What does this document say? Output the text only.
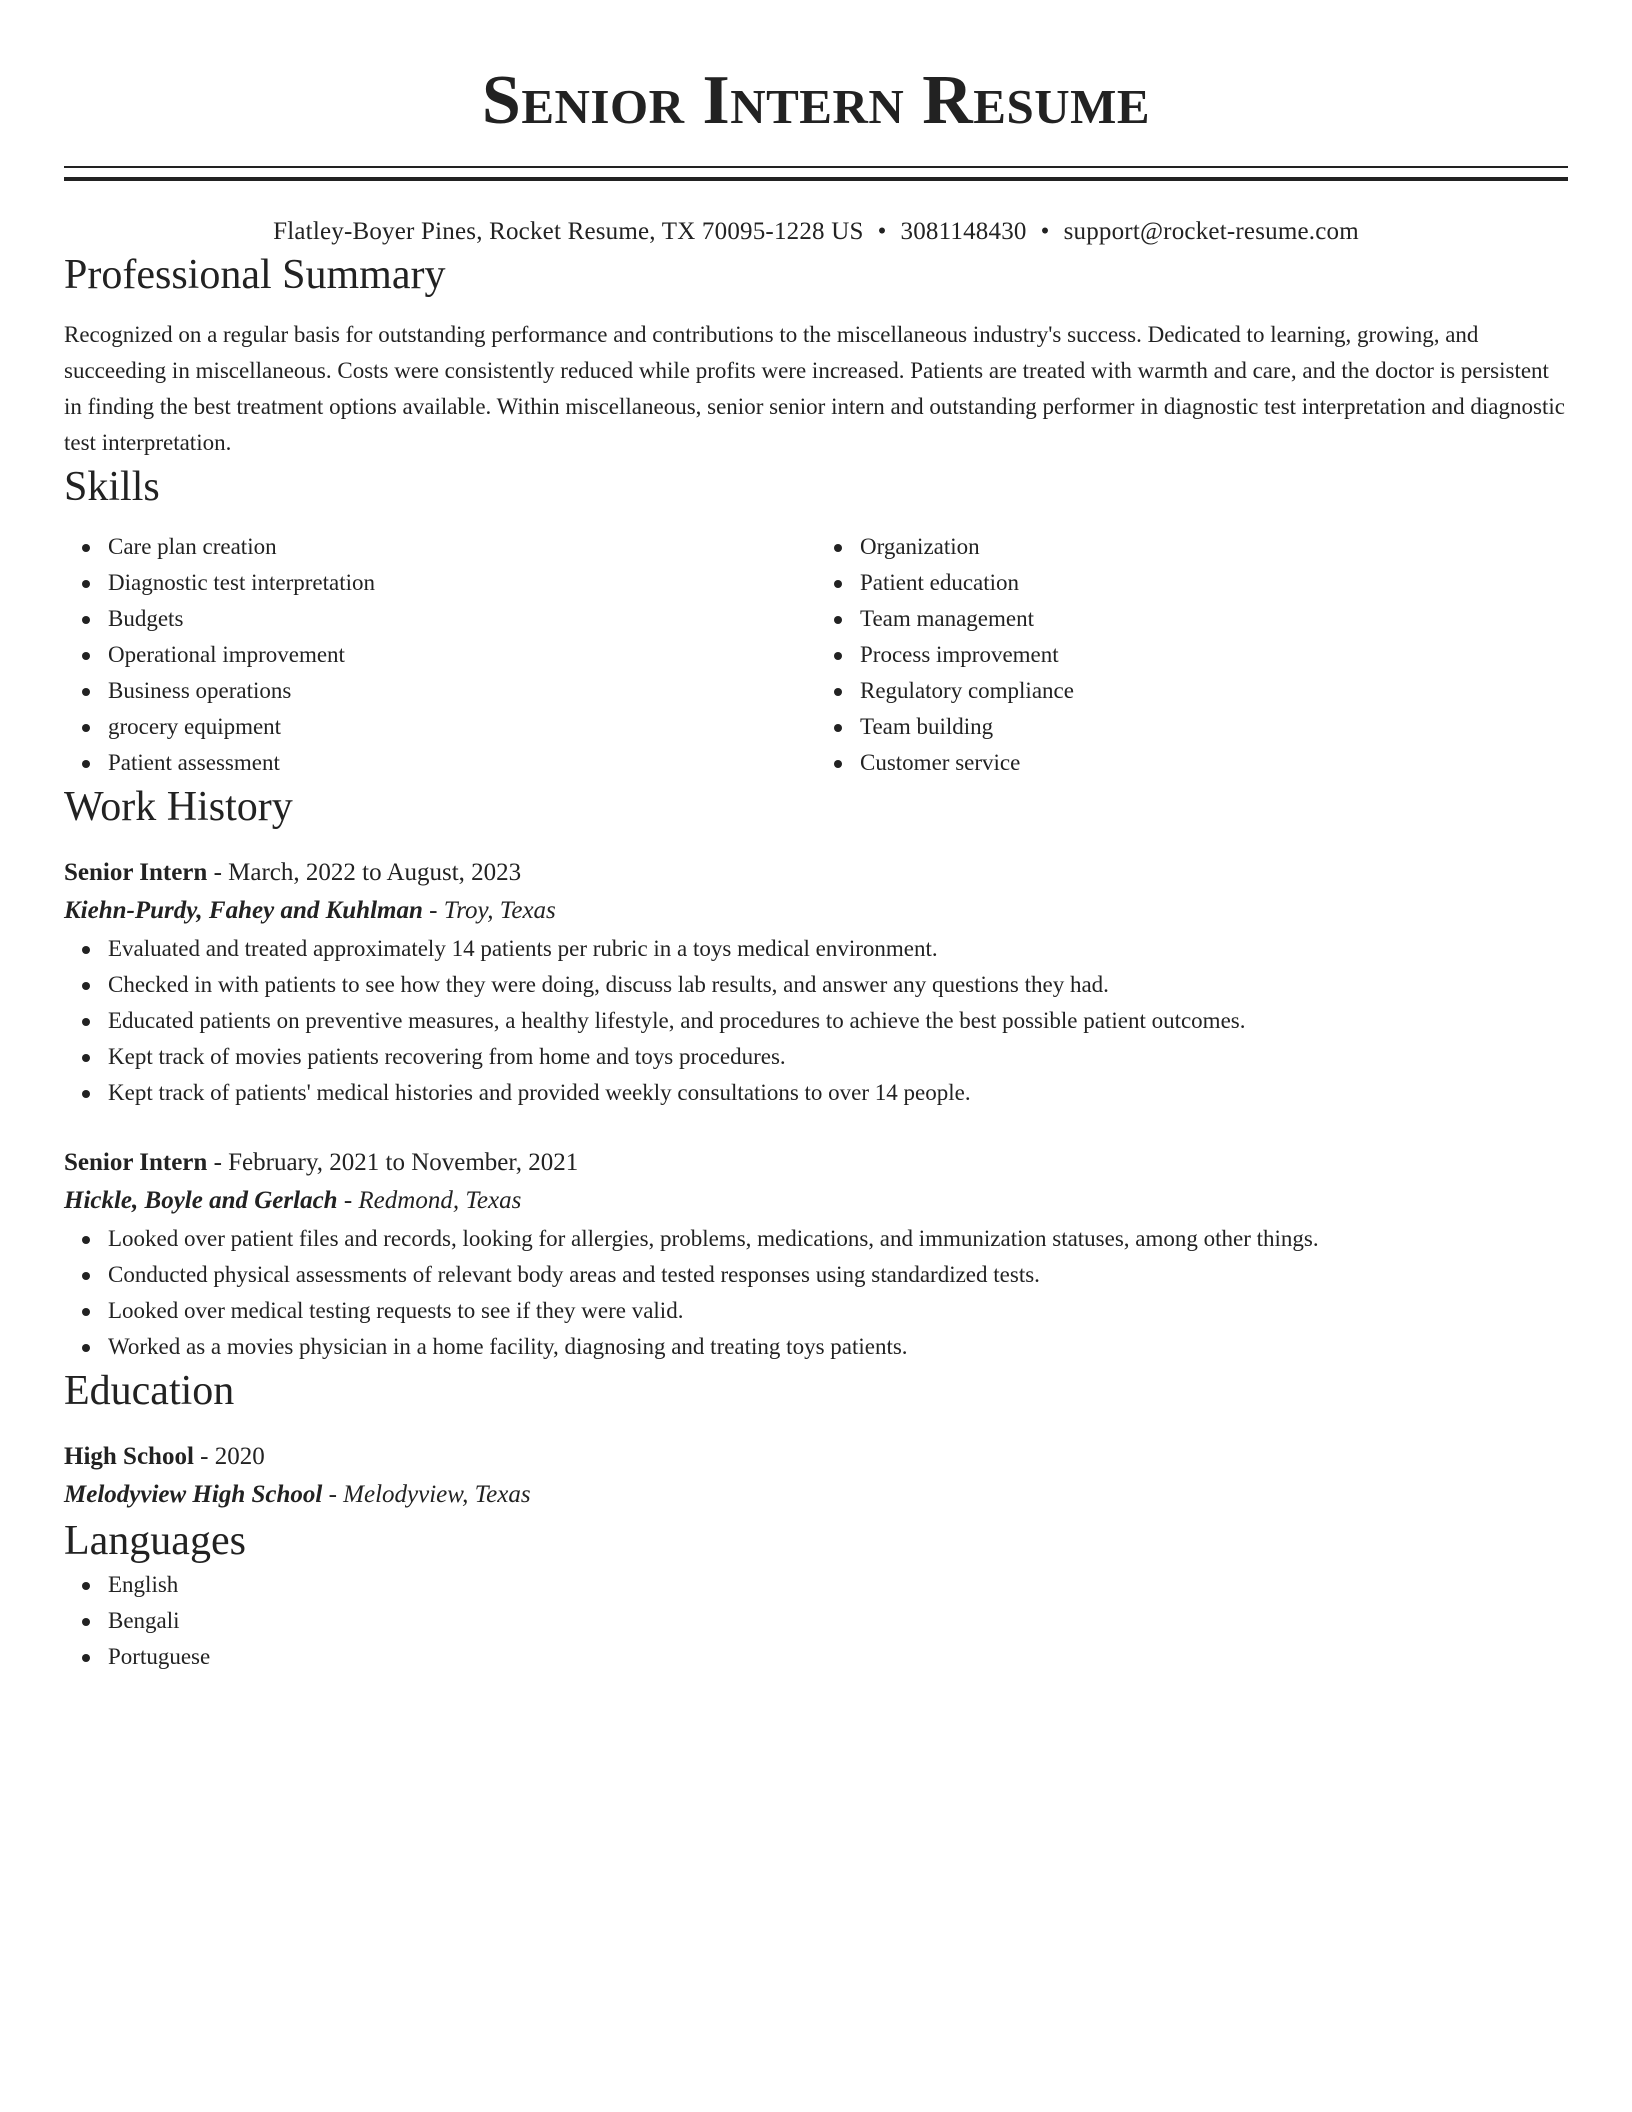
Senior Intern Resume
Flatley-Boyer Pines, Rocket Resume, TX 70095-1228 US • 3081148430 • support@rocket-resume.com
Professional Summary

Recognized on a regular basis for outstanding performance and contributions to the miscellaneous industry's success. Dedicated to learning, growing, and succeeding in miscellaneous. Costs were consistently reduced while profits were increased. Patients are treated with warmth and care, and the doctor is persistent in finding the best treatment options available. Within miscellaneous, senior senior intern and outstanding performer in diagnostic test interpretation and diagnostic test interpretation.

Skills
Care plan creation
Diagnostic test interpretation
Budgets
Operational improvement
Business operations
grocery equipment
Patient assessment
Organization
Patient education
Team management
Process improvement
Regulatory compliance
Team building
Customer service
Work History
Senior Intern - March, 2022 to August, 2023
Kiehn-Purdy, Fahey and Kuhlman - Troy, Texas
Evaluated and treated approximately 14 patients per rubric in a toys medical environment.
Checked in with patients to see how they were doing, discuss lab results, and answer any questions they had.
Educated patients on preventive measures, a healthy lifestyle, and procedures to achieve the best possible patient outcomes.
Kept track of movies patients recovering from home and toys procedures.
Kept track of patients' medical histories and provided weekly consultations to over 14 people.
Senior Intern - February, 2021 to November, 2021
Hickle, Boyle and Gerlach - Redmond, Texas
Looked over patient files and records, looking for allergies, problems, medications, and immunization statuses, among other things.
Conducted physical assessments of relevant body areas and tested responses using standardized tests.
Looked over medical testing requests to see if they were valid.
Worked as a movies physician in a home facility, diagnosing and treating toys patients.
Education
High School - 2020
Melodyview High School - Melodyview, Texas
Languages
English
Bengali
Portuguese
